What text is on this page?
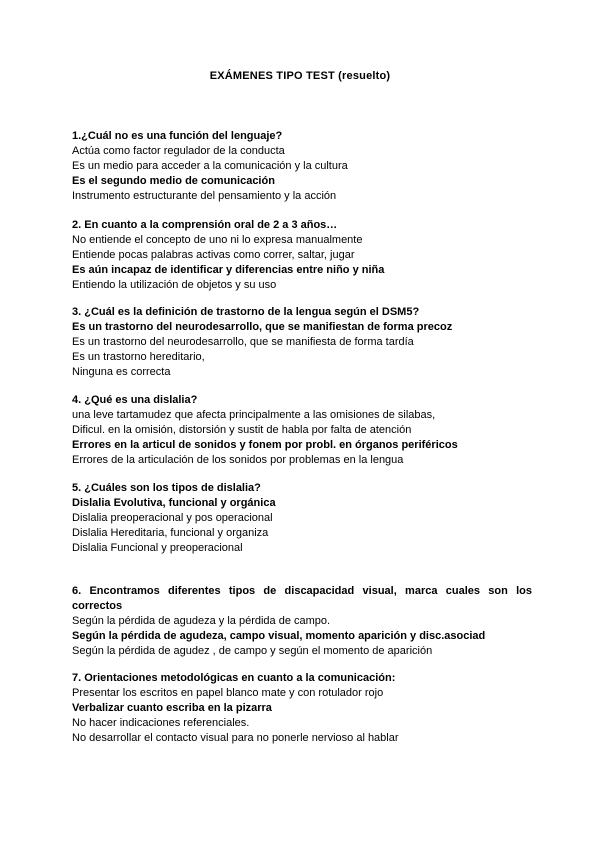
EXÁMENES TIPO TEST (resuelto)

1.¿Cuál no es una función del lenguaje?

Actúa como factor regulador de la conducta
Es un medio para acceder a la comunicación y la cultura
Es el segundo medio de comunicación
Instrumento estructurante del pensamiento y la acción

2. En cuanto a la comprensión oral de 2 a 3 años…

No entiende el concepto de uno ni lo expresa manualmente
Entiende pocas palabras activas como correr, saltar, jugar
Es aún incapaz de identificar y diferencias entre niño y niña
Entiendo la utilización de objetos y su uso

3. ¿Cuál es la definición de trastorno de la lengua según el DSM5?

Es un trastorno del neurodesarrollo, que se manifiestan de forma precoz
Es un trastorno del neurodesarrollo, que se manifiesta de forma tardía
Es un trastorno hereditario,
Ninguna es correcta

4. ¿Qué es una dislalia?

una leve tartamudez que afecta principalmente a las omisiones de silabas,
Dificul. en la omisión, distorsión y sustit de habla por falta de atención
Errores en la articul de sonidos y fonem por probl. en órganos periféricos
Errores de la articulación de los sonidos por problemas en la lengua

5. ¿Cuáles son los tipos de dislalia?

Dislalia Evolutiva, funcional y orgánica
Dislalia preoperacional y pos operacional
Dislalia Hereditaria, funcional y organiza
Dislalia Funcional y preoperacional

6. Encontramos diferentes tipos de discapacidad visual, marca cuales son los correctos

Según la pérdida de agudeza y la pérdida de campo.
Según la pérdida de agudeza, campo visual, momento aparición y disc.asociad
Según la pérdida de agudez , de campo y según el momento de aparición

7. Orientaciones metodológicas en cuanto a la comunicación:

Presentar los escritos en papel blanco mate y con rotulador rojo
Verbalizar cuanto escriba en la pizarra
No hacer indicaciones referenciales.
No desarrollar el contacto visual para no ponerle nervioso al hablar
